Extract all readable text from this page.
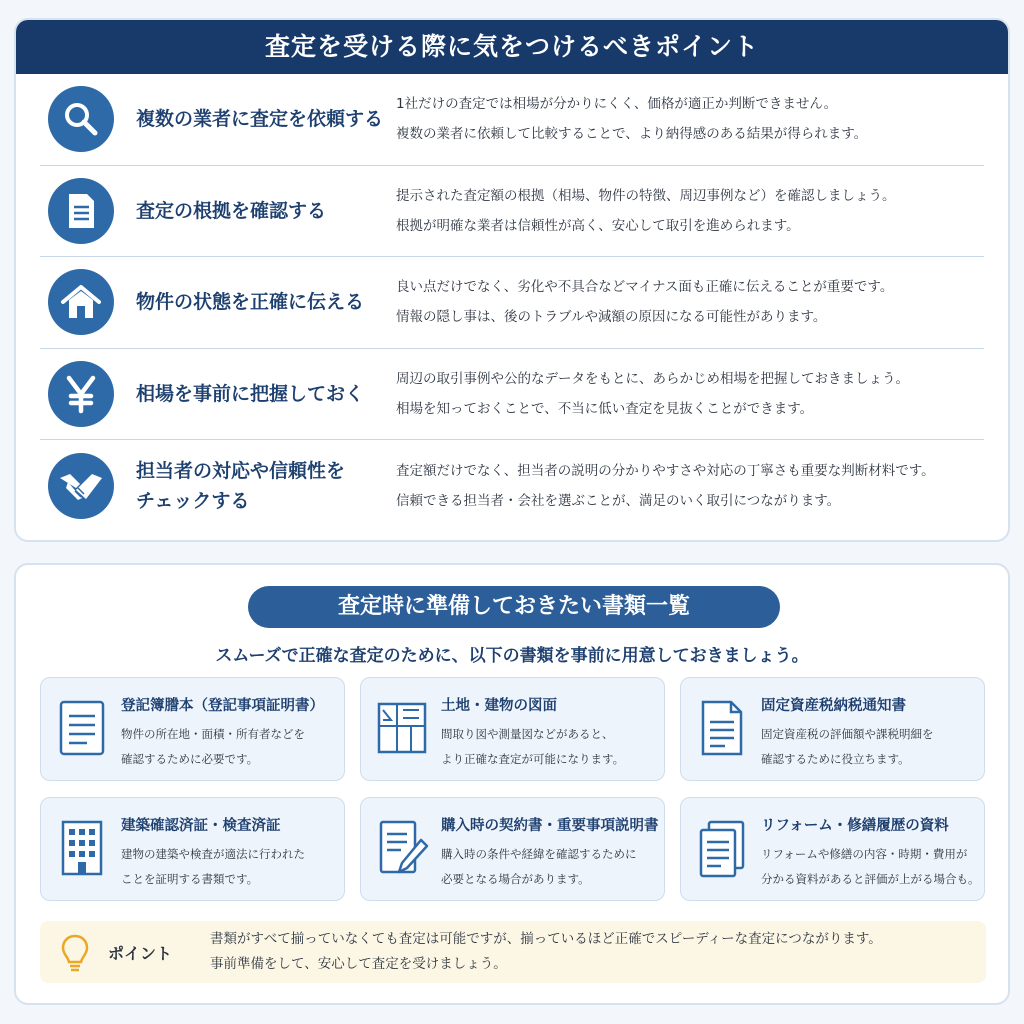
査定を受ける際に気をつけるべきポイント
複数の業者に査定を依頼する
1社だけの査定では相場が分かりにくく、価格が適正か判断できません。
複数の業者に依頼して比較することで、より納得感のある結果が得られます。
査定の根拠を確認する
提示された査定額の根拠（相場、物件の特徴、周辺事例など）を確認しましょう。
根拠が明確な業者は信頼性が高く、安心して取引を進められます。
物件の状態を正確に伝える
良い点だけでなく、劣化や不具合などマイナス面も正確に伝えることが重要です。
情報の隠し事は、後のトラブルや減額の原因になる可能性があります。
相場を事前に把握しておく
周辺の取引事例や公的なデータをもとに、あらかじめ相場を把握しておきましょう。
相場を知っておくことで、不当に低い査定を見抜くことができます。
担当者の対応や信頼性を
チェックする
査定額だけでなく、担当者の説明の分かりやすさや対応の丁寧さも重要な判断材料です。
信頼できる担当者・会社を選ぶことが、満足のいく取引につながります。
査定時に準備しておきたい書類一覧
スムーズで正確な査定のために、以下の書類を事前に用意しておきましょう。
登記簿謄本（登記事項証明書）
物件の所在地・面積・所有者などを
確認するために必要です。
土地・建物の図面
間取り図や測量図などがあると、
より正確な査定が可能になります。
固定資産税納税通知書
固定資産税の評価額や課税明細を
確認するために役立ちます。
建築確認済証・検査済証
建物の建築や検査が適法に行われた
ことを証明する書類です。
購入時の契約書・重要事項説明書
購入時の条件や経緯を確認するために
必要となる場合があります。
リフォーム・修繕履歴の資料
リフォームや修繕の内容・時期・費用が
分かる資料があると評価が上がる場合も。
ポイント
書類がすべて揃っていなくても査定は可能ですが、揃っているほど正確でスピーディーな査定につながります。
事前準備をして、安心して査定を受けましょう。
